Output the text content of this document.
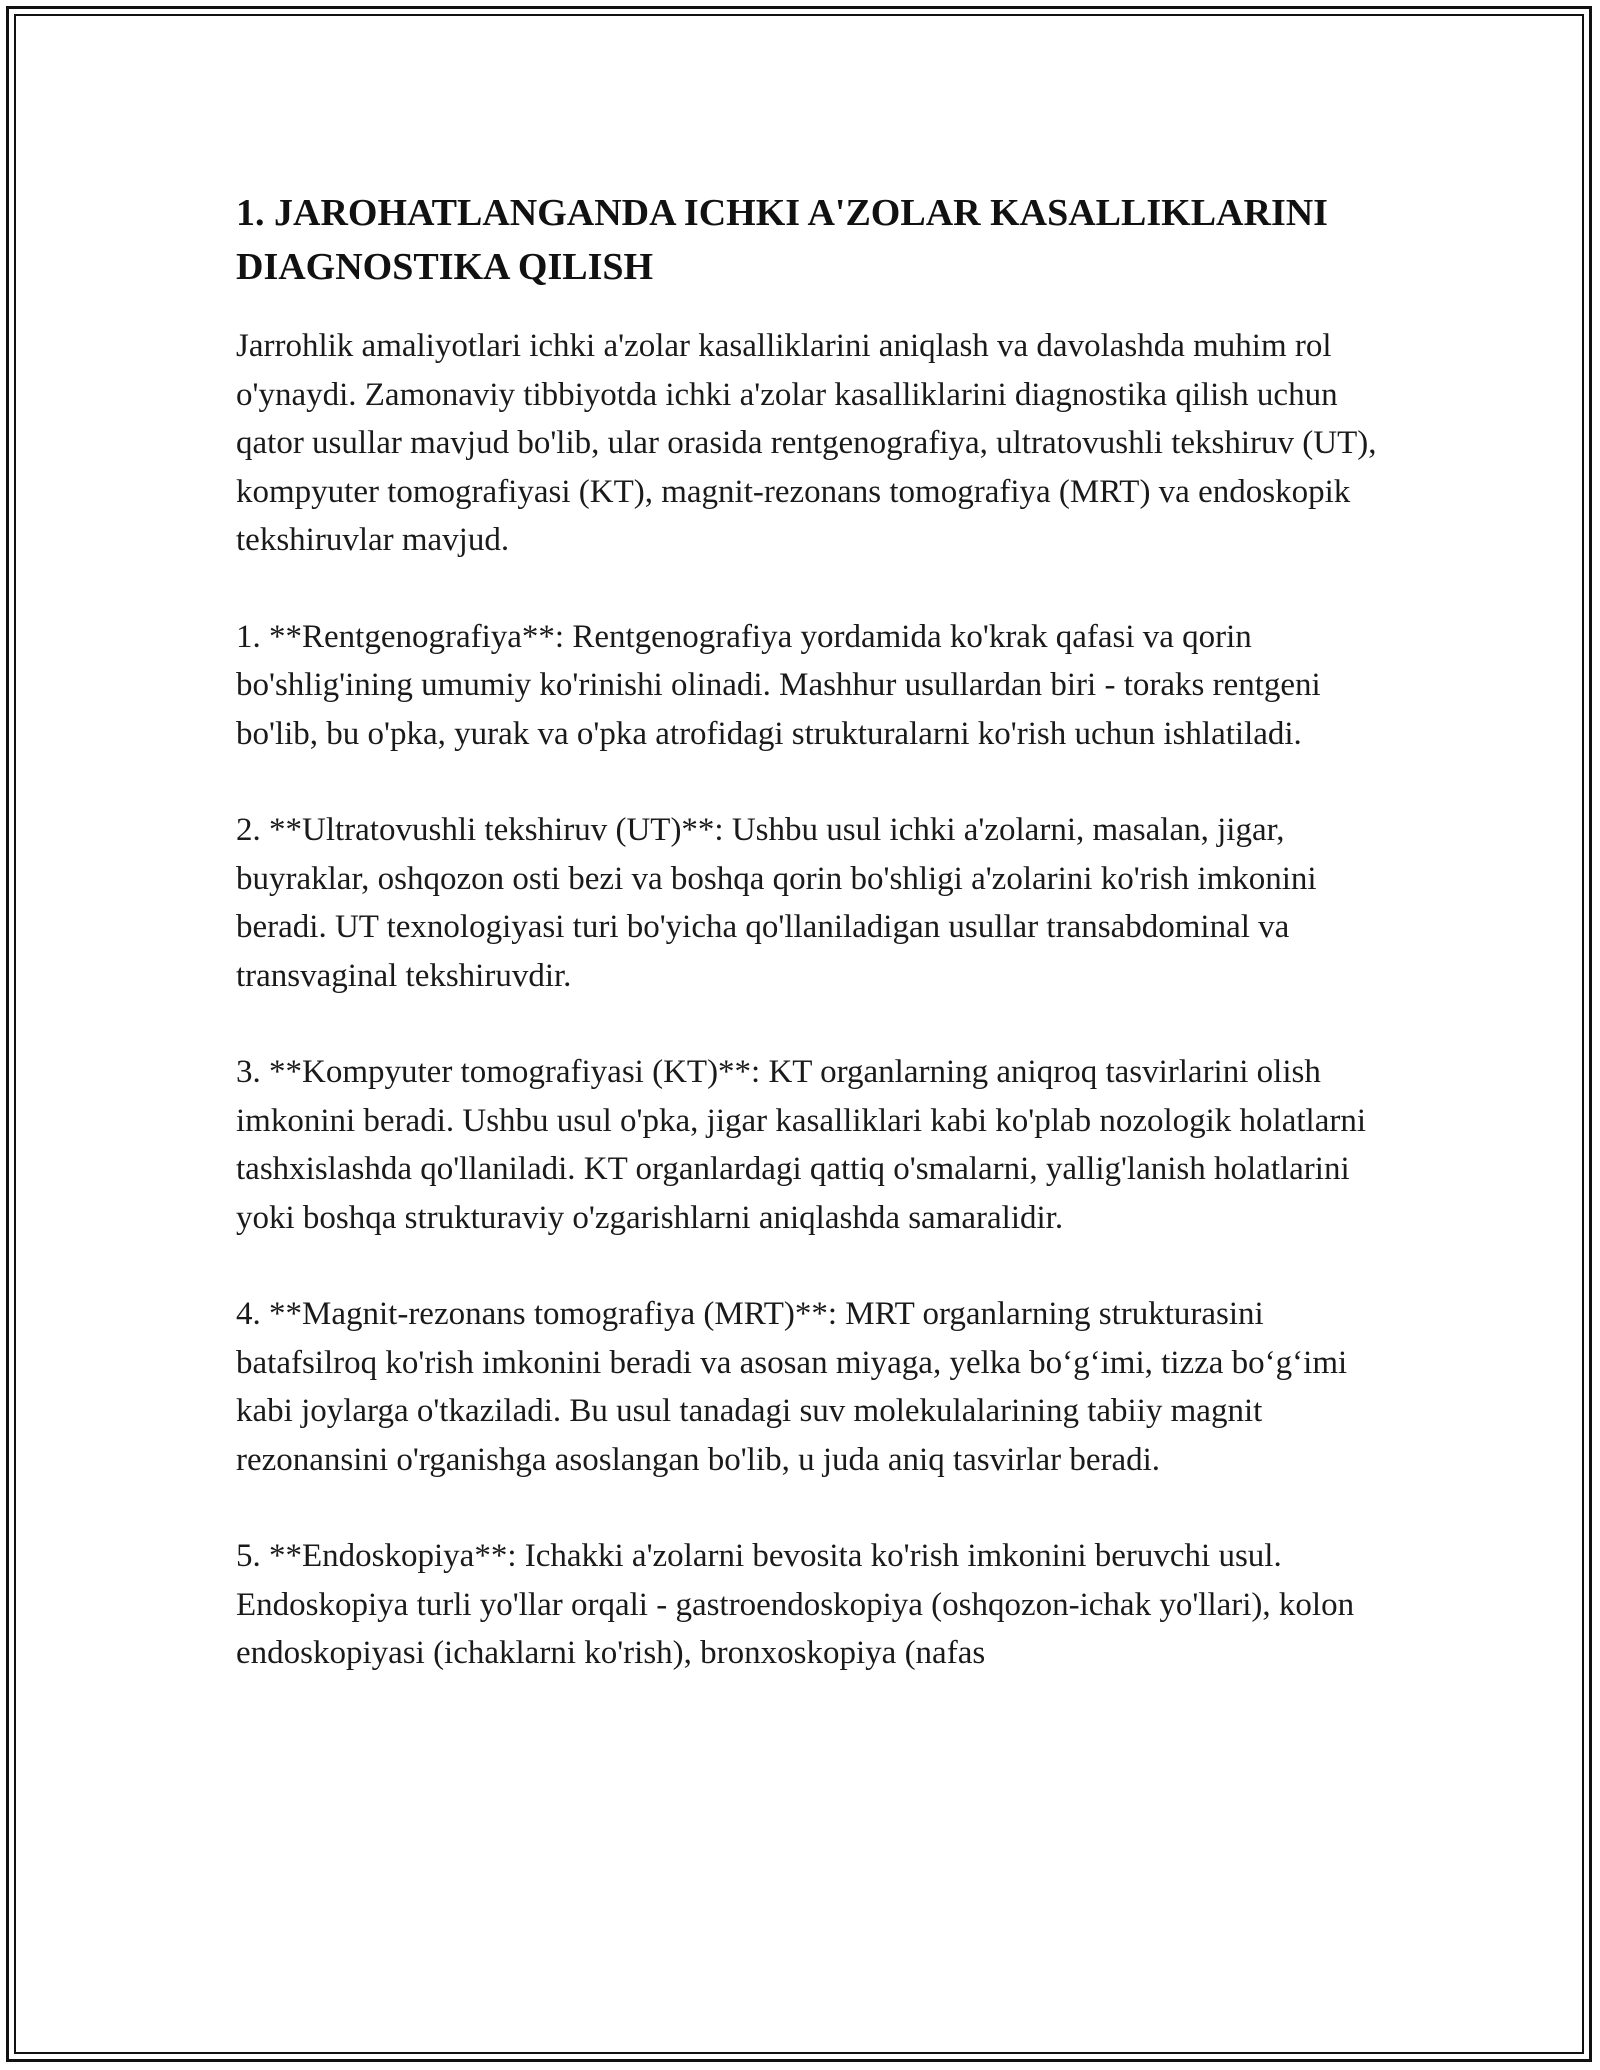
1. JAROHATLANGANDA ICHKI A'ZOLAR KASALLIKLARINI DIAGNOSTIKA QILISH

Jarrohlik amaliyotlari ichki a'zolar kasalliklarini aniqlash va davolashda muhim rol o'ynaydi. Zamonaviy tibbiyotda ichki a'zolar kasalliklarini diagnostika qilish uchun qator usullar mavjud bo'lib, ular orasida rentgenografiya, ultratovushli tekshiruv (UT), kompyuter tomografiyasi (KT), magnit-rezonans tomografiya (MRT) va endoskopik tekshiruvlar mavjud.

1. **Rentgenografiya**: Rentgenografiya yordamida ko'krak qafasi va qorin bo'shlig'ining umumiy ko'rinishi olinadi. Mashhur usullardan biri - toraks rentgeni bo'lib, bu o'pka, yurak va o'pka atrofidagi strukturalarni ko'rish uchun ishlatiladi.

2. **Ultratovushli tekshiruv (UT)**: Ushbu usul ichki a'zolarni, masalan, jigar, buyraklar, oshqozon osti bezi va boshqa qorin bo'shligi a'zolarini ko'rish imkonini beradi. UT texnologiyasi turi bo'yicha qo'llaniladigan usullar transabdominal va transvaginal tekshiruvdir.

3. **Kompyuter tomografiyasi (KT)**: KT organlarning aniqroq tasvirlarini olish imkonini beradi. Ushbu usul o'pka, jigar kasalliklari kabi ko'plab nozologik holatlarni tashxislashda qo'llaniladi. KT organlardagi qattiq o'smalarni, yallig'lanish holatlarini yoki boshqa strukturaviy o'zgarishlarni aniqlashda samaralidir.

4. **Magnit-rezonans tomografiya (MRT)**: MRT organlarning strukturasini batafsilroq ko'rish imkonini beradi va asosan miyaga, yelka bo‘g‘imi, tizza bo‘g‘imi kabi joylarga o'tkaziladi. Bu usul tanadagi suv molekulalarining tabiiy magnit rezonansini o'rganishga asoslangan bo'lib, u juda aniq tasvirlar beradi.

5. **Endoskopiya**: Ichakki a'zolarni bevosita ko'rish imkonini beruvchi usul. Endoskopiya turli yo'llar orqali - gastroendoskopiya (oshqozon-ichak yo'llari), kolon endoskopiyasi (ichaklarni ko'rish), bronxoskopiya (nafas
